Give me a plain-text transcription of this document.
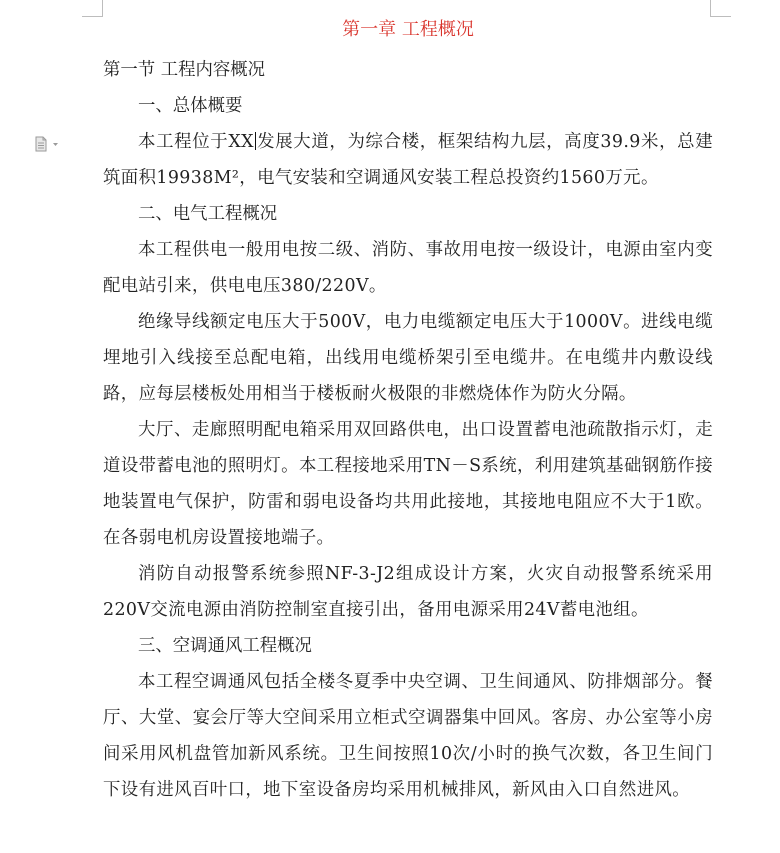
第一章 工程概况
第一节 工程内容概况
一、总体概要
本工程位于XX 发展大道，为综合楼，框架结构九层，高度39.9米，总建筑面积19938M²，电气安装和空调通风安装工程总投资约1560万元。
二、电气工程概况
本工程供电一般用电按二级、消防、事故用电按一级设计，电源由室内变配电站引来，供电电压380/220V。
绝缘导线额定电压大于500V，电力电缆额定电压大于1000V。进线电缆埋地引入线接至总配电箱，出线用电缆桥架引至电缆井。在电缆井内敷设线路，应每层楼板处用相当于楼板耐火极限的非燃烧体作为防火分隔。
大厅、走廊照明配电箱采用双回路供电，出口设置蓄电池疏散指示灯，走道设带蓄电池的照明灯。本工程接地采用TN－S系统，利用建筑基础钢筋作接地装置电气保护，防雷和弱电设备均共用此接地，其接地电阻应不大于1欧。在各弱电机房设置接地端子。
消防自动报警系统参照NF-3-J2组成设计方案，火灾自动报警系统采用220V交流电源由消防控制室直接引出，备用电源采用24V蓄电池组。
三、空调通风工程概况
本工程空调通风包括全楼冬夏季中央空调、卫生间通风、防排烟部分。餐厅、大堂、宴会厅等大空间采用立柜式空调器集中回风。客房、办公室等小房间采用风机盘管加新风系统。卫生间按照10次/小时的换气次数，各卫生间门下设有进风百叶口，地下室设备房均采用机械排风，新风由入口自然进风。
